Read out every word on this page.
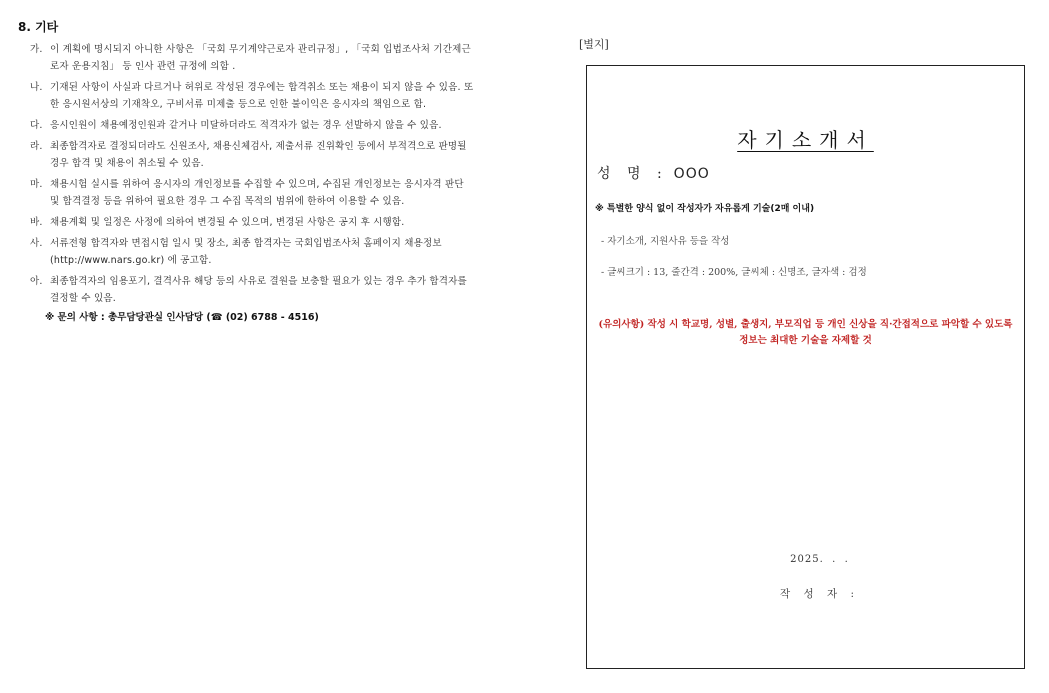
8. 기타
가. 이 계획에 명시되지 아니한 사항은 「국회 무기계약근로자 관리규정」, 「국회 입법조사처 기간제근로자 운용지침」 등 인사 관련 규정에 의함 .
나. 기재된 사항이 사실과 다르거나 허위로 작성된 경우에는 합격취소 또는 채용이 되지 않을 수 있음. 또한 응시원서상의 기재착오, 구비서류 미제출 등으로 인한 불이익은 응시자의 책임으로 함.
다. 응시인원이 채용예정인원과 같거나 미달하더라도 적격자가 없는 경우 선발하지 않을 수 있음.
라. 최종합격자로 결정되더라도 신원조사, 채용신체검사, 제출서류 진위확인 등에서 부적격으로 판명될 경우 합격 및 채용이 취소될 수 있음.
마. 채용시험 실시를 위하여 응시자의 개인정보를 수집할 수 있으며, 수집된 개인정보는 응시자격 판단 및 합격결정 등을 위하여 필요한 경우 그 수집 목적의 범위에 한하여 이용할 수 있음.
바. 채용계획 및 일정은 사정에 의하여 변경될 수 있으며, 변경된 사항은 공지 후 시행함.
사. 서류전형 합격자와 면접시험 일시 및 장소, 최종 합격자는 국회입법조사처 홈페이지 채용정보(http://www.nars.go.kr) 에 공고함.
아. 최종합격자의 임용포기, 결격사유 해당 등의 사유로 결원을 보충할 필요가 있는 경우 추가 합격자를 결정할 수 있음.
※ 문의 사항 : 총무담당관실 인사담당 (☎ (02) 6788 - 4516)
[별지]
자기소개서
성 명 : OOO
※ 특별한 양식 없이 작성자가 자유롭게 기술(2매 이내)
- 자기소개, 지원사유 등을 작성
- 글씨크기 : 13, 줄간격 : 200%, 글씨체 : 신명조, 글자색 : 검정
(유의사항) 작성 시 학교명, 성별, 출생지, 부모직업 등 개인 신상을 직·간접적으로 파악할 수 있도록 정보는 최대한 기술을 자제할 것
2025.  .  .
작 성 자 :
